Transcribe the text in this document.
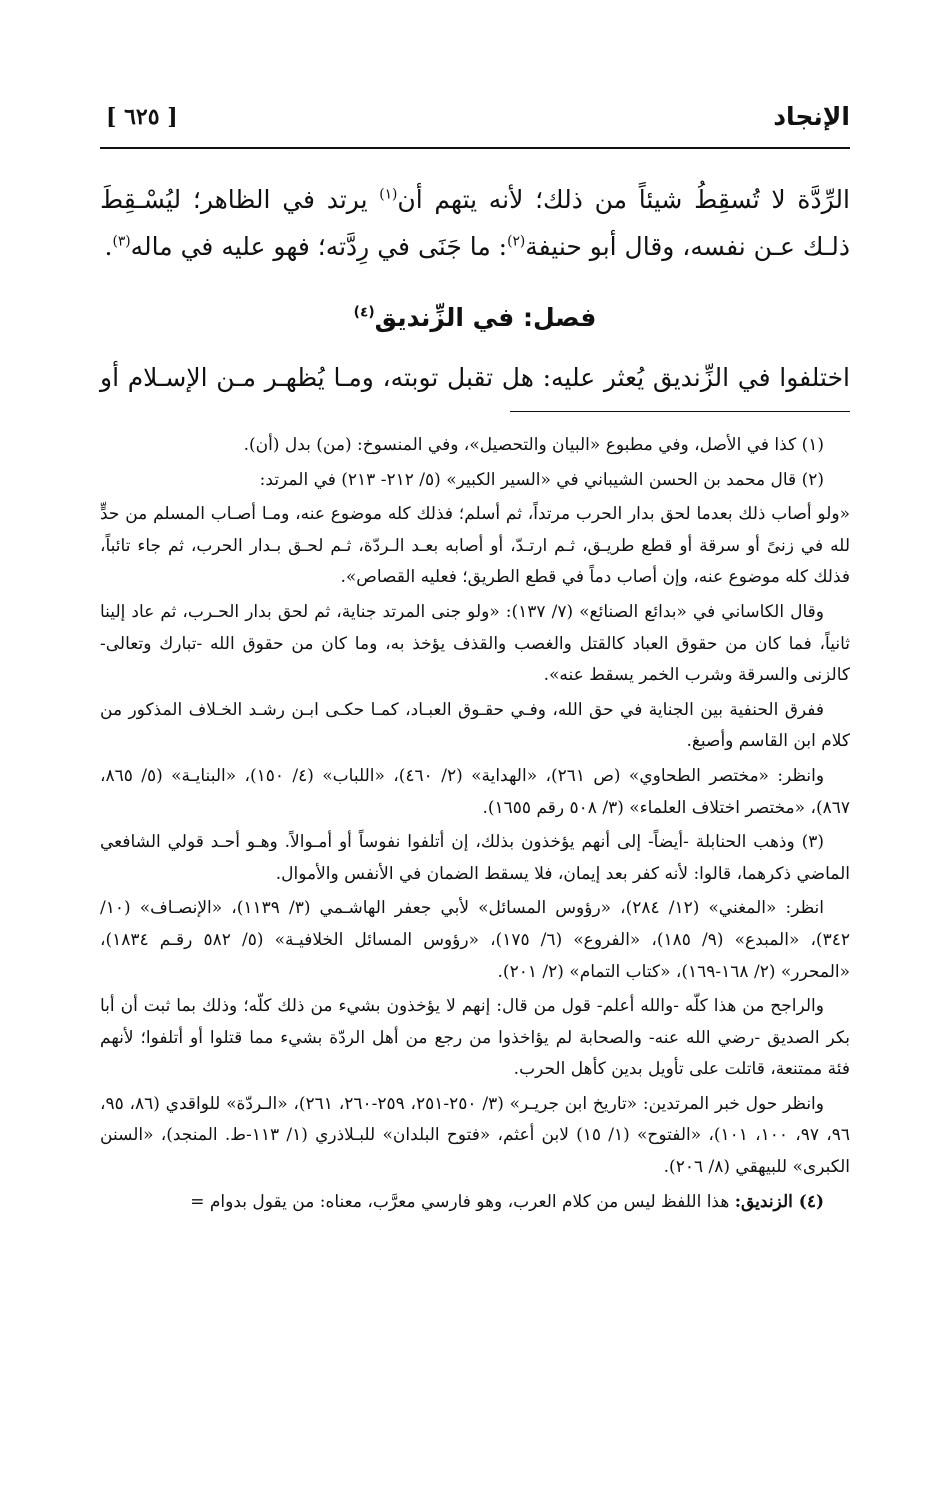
الإنجاد
[ ٦٢٥ ]

الرِّدَّة لا تُسقِطُ شيئاً من ذلك؛ لأنه يتهم أن$^{(١)}$ يرتد في الظاهر؛ ليُسْـقِطَ ذلـك عـن نفسه، وقال أبو حنيفة$^{(٢)}$: ما جَنَى في رِدَّته؛ فهو عليه في ماله$^{(٣)}$.

فصل: في الزِّنديق$^{(٤)}$
اختلفوا في الزِّنديق يُعثر عليه: هل تقبل توبته، ومـا يُظهـر مـن الإسـلام أو

(١) كذا في الأصل، وفي مطبوع «البيان والتحصيل»، وفي المنسوخ: (من) بدل (أن).

(٢) قال محمد بن الحسن الشيباني في «السير الكبير» (٥/ ٢١٢- ٢١٣) في المرتد:

«ولو أصاب ذلك بعدما لحق بدار الحرب مرتداً، ثم أسلم؛ فذلك كله موضوع عنه، ومـا أصـاب المسلم من حدٍّ لله في زنىً أو سرقة أو قطع طريـق، ثـم ارتـدّ، أو أصابه بعـد الـردّة، ثـم لحـق بـدار الحرب، ثم جاء تائباً، فذلك كله موضوع عنه، وإن أصاب دماً في قطع الطريق؛ فعليه القصاص».

وقال الكاساني في «بدائع الصنائع» (٧/ ١٣٧): «ولو جنى المرتد جناية، ثم لحق بدار الحـرب، ثم عاد إلينا ثانياً، فما كان من حقوق العباد كالقتل والغصب والقذف يؤخذ به، وما كان من حقوق الله -تبارك وتعالى- كالزنى والسرقة وشرب الخمر يسقط عنه».

ففرق الحنفية بين الجناية في حق الله، وفـي حقـوق العبـاد، كمـا حكـى ابـن رشـد الخـلاف المذكور من كلام ابن القاسم وأصبغ.

وانظر: «مختصر الطحاوي» (ص ٢٦١)، «الهداية» (٢/ ٤٦٠)، «اللباب» (٤/ ١٥٠)، «البنايـة» (٥/ ٨٦٥، ٨٦٧)، «مختصر اختلاف العلماء» (٣/ ٥٠٨ رقم ١٦٥٥).

(٣) وذهب الحنابلة -أيضاً- إلى أنهم يؤخذون بذلك، إن أتلفوا نفوساً أو أمـوالاً. وهـو أحـد قولي الشافعي الماضي ذكرهما، قالوا: لأنه كفر بعد إيمان، فلا يسقط الضمان في الأنفس والأموال.

انظر: «المغني» (١٢/ ٢٨٤)، «رؤوس المسائل» لأبي جعفر الهاشـمي (٣/ ١١٣٩)، «الإنصـاف» (١٠/ ٣٤٢)، «المبدع» (٩/ ١٨٥)، «الفروع» (٦/ ١٧٥)، «رؤوس المسائل الخلافيـة» (٥/ ٥٨٢ رقـم ١٨٣٤)، «المحرر» (٢/ ١٦٨-١٦٩)، «كتاب التمام» (٢/ ٢٠١).

والراجح من هذا كلّه -والله أعلم- قول من قال: إنهم لا يؤخذون بشيء من ذلك كلّه؛ وذلك بما ثبت أن أبا بكر الصديق -رضي الله عنه- والصحابة لم يؤاخذوا من رجع من أهل الردّة بشيء مما قتلوا أو أتلفوا؛ لأنهم فئة ممتنعة، قاتلت على تأويل بدين كأهل الحرب.

وانظر حول خبر المرتدين: «تاريخ ابن جريـر» (٣/ ٢٥٠-٢٥١، ٢٥٩-٢٦٠، ٢٦١)، «الـردّة» للواقدي (٨٦، ٩٥، ٩٦، ٩٧، ١٠٠، ١٠١)، «الفتوح» (١/ ١٥) لابن أعثم، «فتوح البلدان» للبـلاذري (١/ ١١٣-ط. المنجد)، «السنن الكبرى» للبيهقي (٨/ ٢٠٦).

(٤) الزنديق: هذا اللفظ ليس من كلام العرب، وهو فارسي معرَّب، معناه: من يقول بدوام =
